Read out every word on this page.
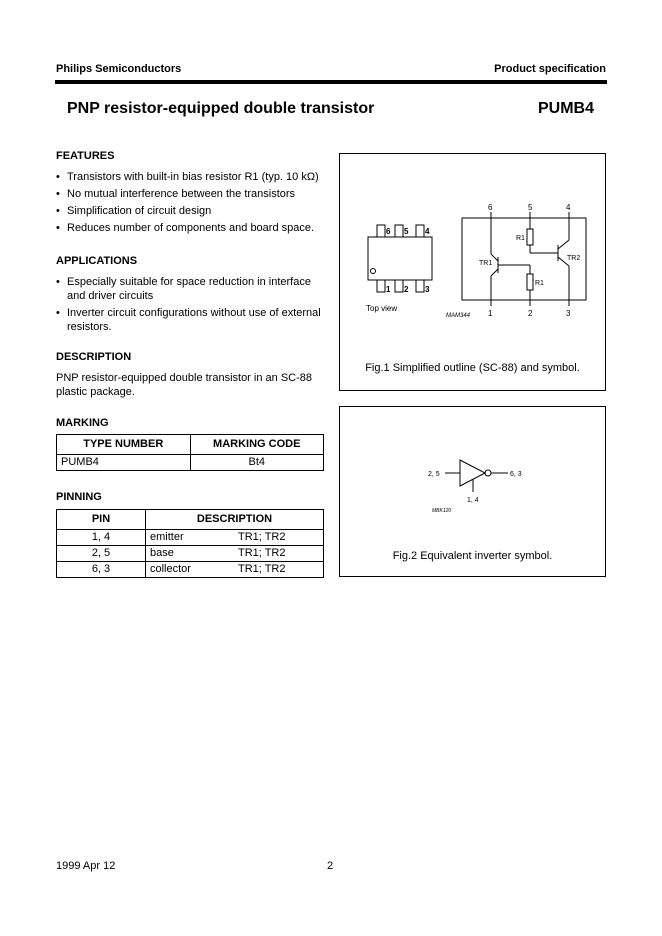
Philips Semiconductors	Product specification
PNP resistor-equipped double transistor	PUMB4
FEATURES
• Transistors with built-in bias resistor R1 (typ. 10 kΩ)
• No mutual interference between the transistors
• Simplification of circuit design
• Reduces number of components and board space.
APPLICATIONS
• Especially suitable for space reduction in interface and driver circuits
• Inverter circuit configurations without use of external resistors.
DESCRIPTION
PNP resistor-equipped double transistor in an SC-88 plastic package.
MARKING
TYPE NUMBER	MARKING CODE
PUMB4	Bt4
PINNING
PIN	DESCRIPTION	
1, 4	emitter	TR1; TR2
2, 5	base	TR1; TR2
6, 3	collector	TR1; TR2
6 5 4
1 2 3
Top view
MAM344
6	5	4
1	2	3
R1
R1
TR1
TR2
Fig.1 Simplified outline (SC-88) and symbol.
2, 5	6, 3
1, 4
MBK120
Fig.2 Equivalent inverter symbol.
1999 Apr 12	2
